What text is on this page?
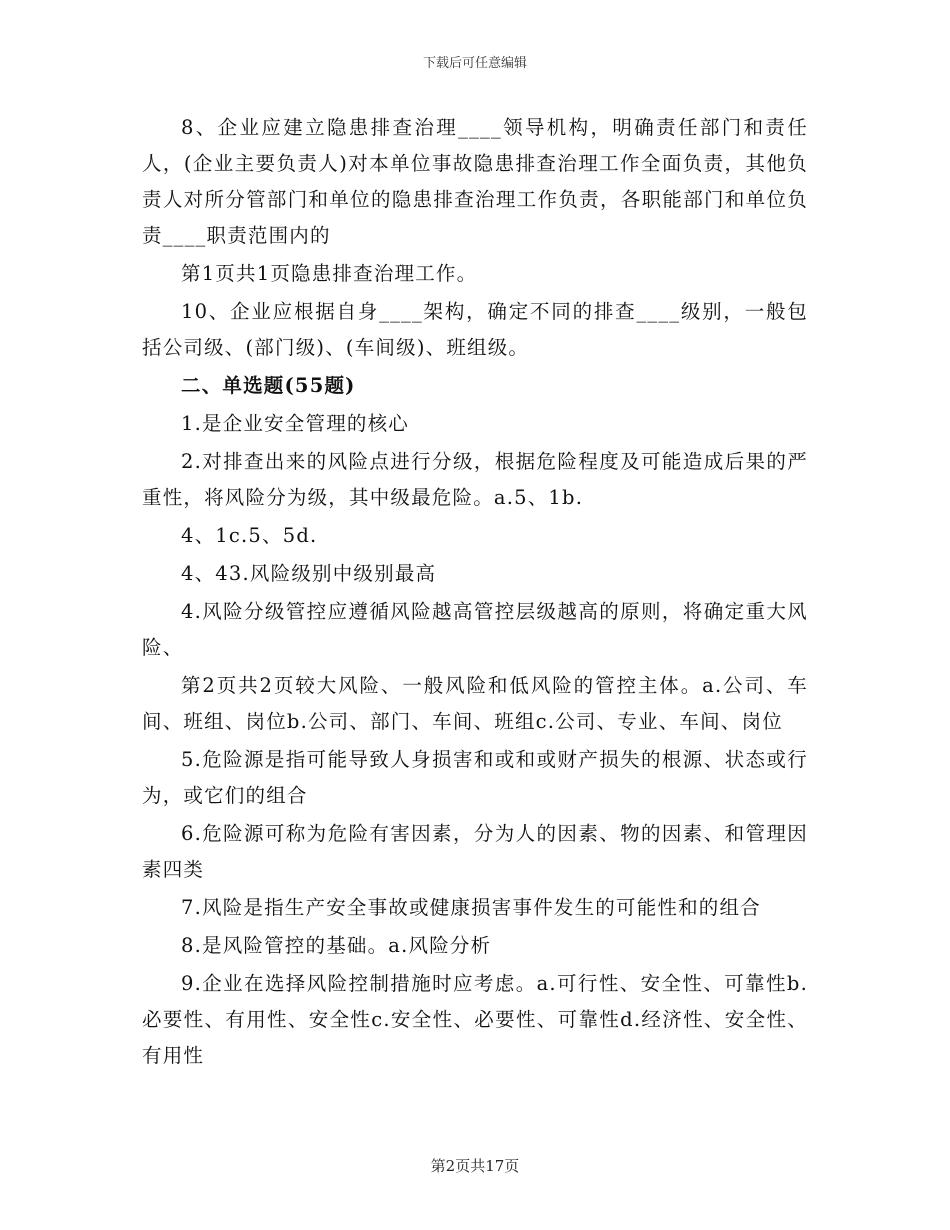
下载后可任意编辑

8、企业应建立隐患排查治理____领导机构，明确责任部门和责任人，(企业主要负责人)对本单位事故隐患排查治理工作全面负责，其他负责人对所分管部门和单位的隐患排查治理工作负责，各职能部门和单位负责____职责范围内的

第1页共1页隐患排查治理工作。

10、企业应根据自身____架构，确定不同的排查____级别，一般包括公司级、(部门级)、(车间级)、班组级。

二、单选题(55题)

1.是企业安全管理的核心

2.对排查出来的风险点进行分级，根据危险程度及可能造成后果的严重性，将风险分为级，其中级最危险。a.5、1b.

4、1c.5、5d.

4、43.风险级别中级别最高

4.风险分级管控应遵循风险越高管控层级越高的原则，将确定重大风险、

第2页共2页较大风险、一般风险和低风险的管控主体。a.公司、车间、班组、岗位b.公司、部门、车间、班组c.公司、专业、车间、岗位

5.危险源是指可能导致人身损害和或和或财产损失的根源、状态或行为，或它们的组合

6.危险源可称为危险有害因素，分为人的因素、物的因素、和管理因素四类

7.风险是指生产安全事故或健康损害事件发生的可能性和的组合

8.是风险管控的基础。a.风险分析

9.企业在选择风险控制措施时应考虑。a.可行性、安全性、可靠性b.必要性、有用性、安全性c.安全性、必要性、可靠性d.经济性、安全性、有用性

第2页共17页
